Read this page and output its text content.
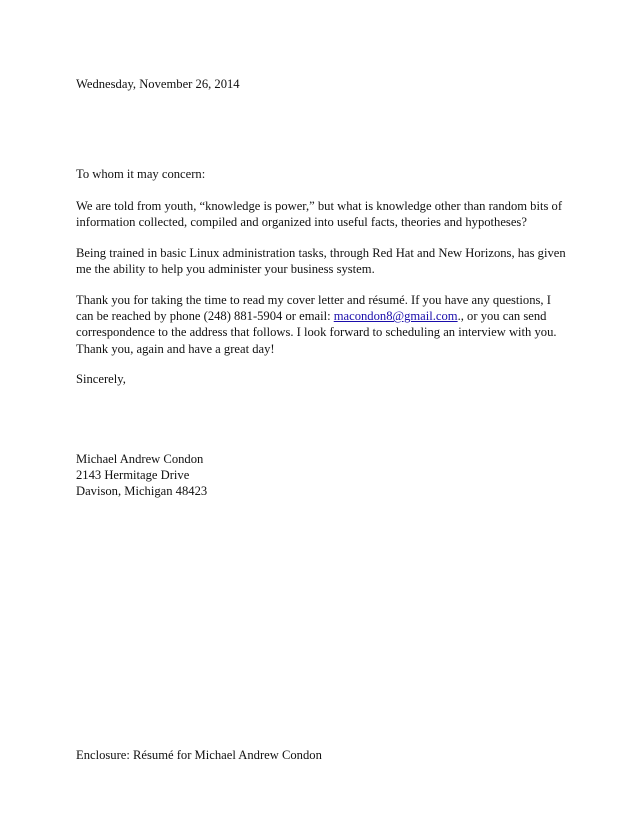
Wednesday, November 26, 2014

To whom it may concern:

We are told from youth, “knowledge is power,” but what is knowledge other than random bits of
information collected, compiled and organized into useful facts, theories and hypotheses?
Being trained in basic Linux administration tasks, through Red Hat and New Horizons, has given
me the ability to help you administer your business system.
Thank you for taking the time to read my cover letter and résumé. If you have any questions, I
can be reached by phone (248) 881-5904 or email: macondon8@gmail.com., or you can send
correspondence to the address that follows. I look forward to scheduling an interview with you.
Thank you, again and have a great day!

Sincerely,

Michael Andrew Condon
2143 Hermitage Drive
Davison, Michigan 48423

Enclosure: Résumé for Michael Andrew Condon
